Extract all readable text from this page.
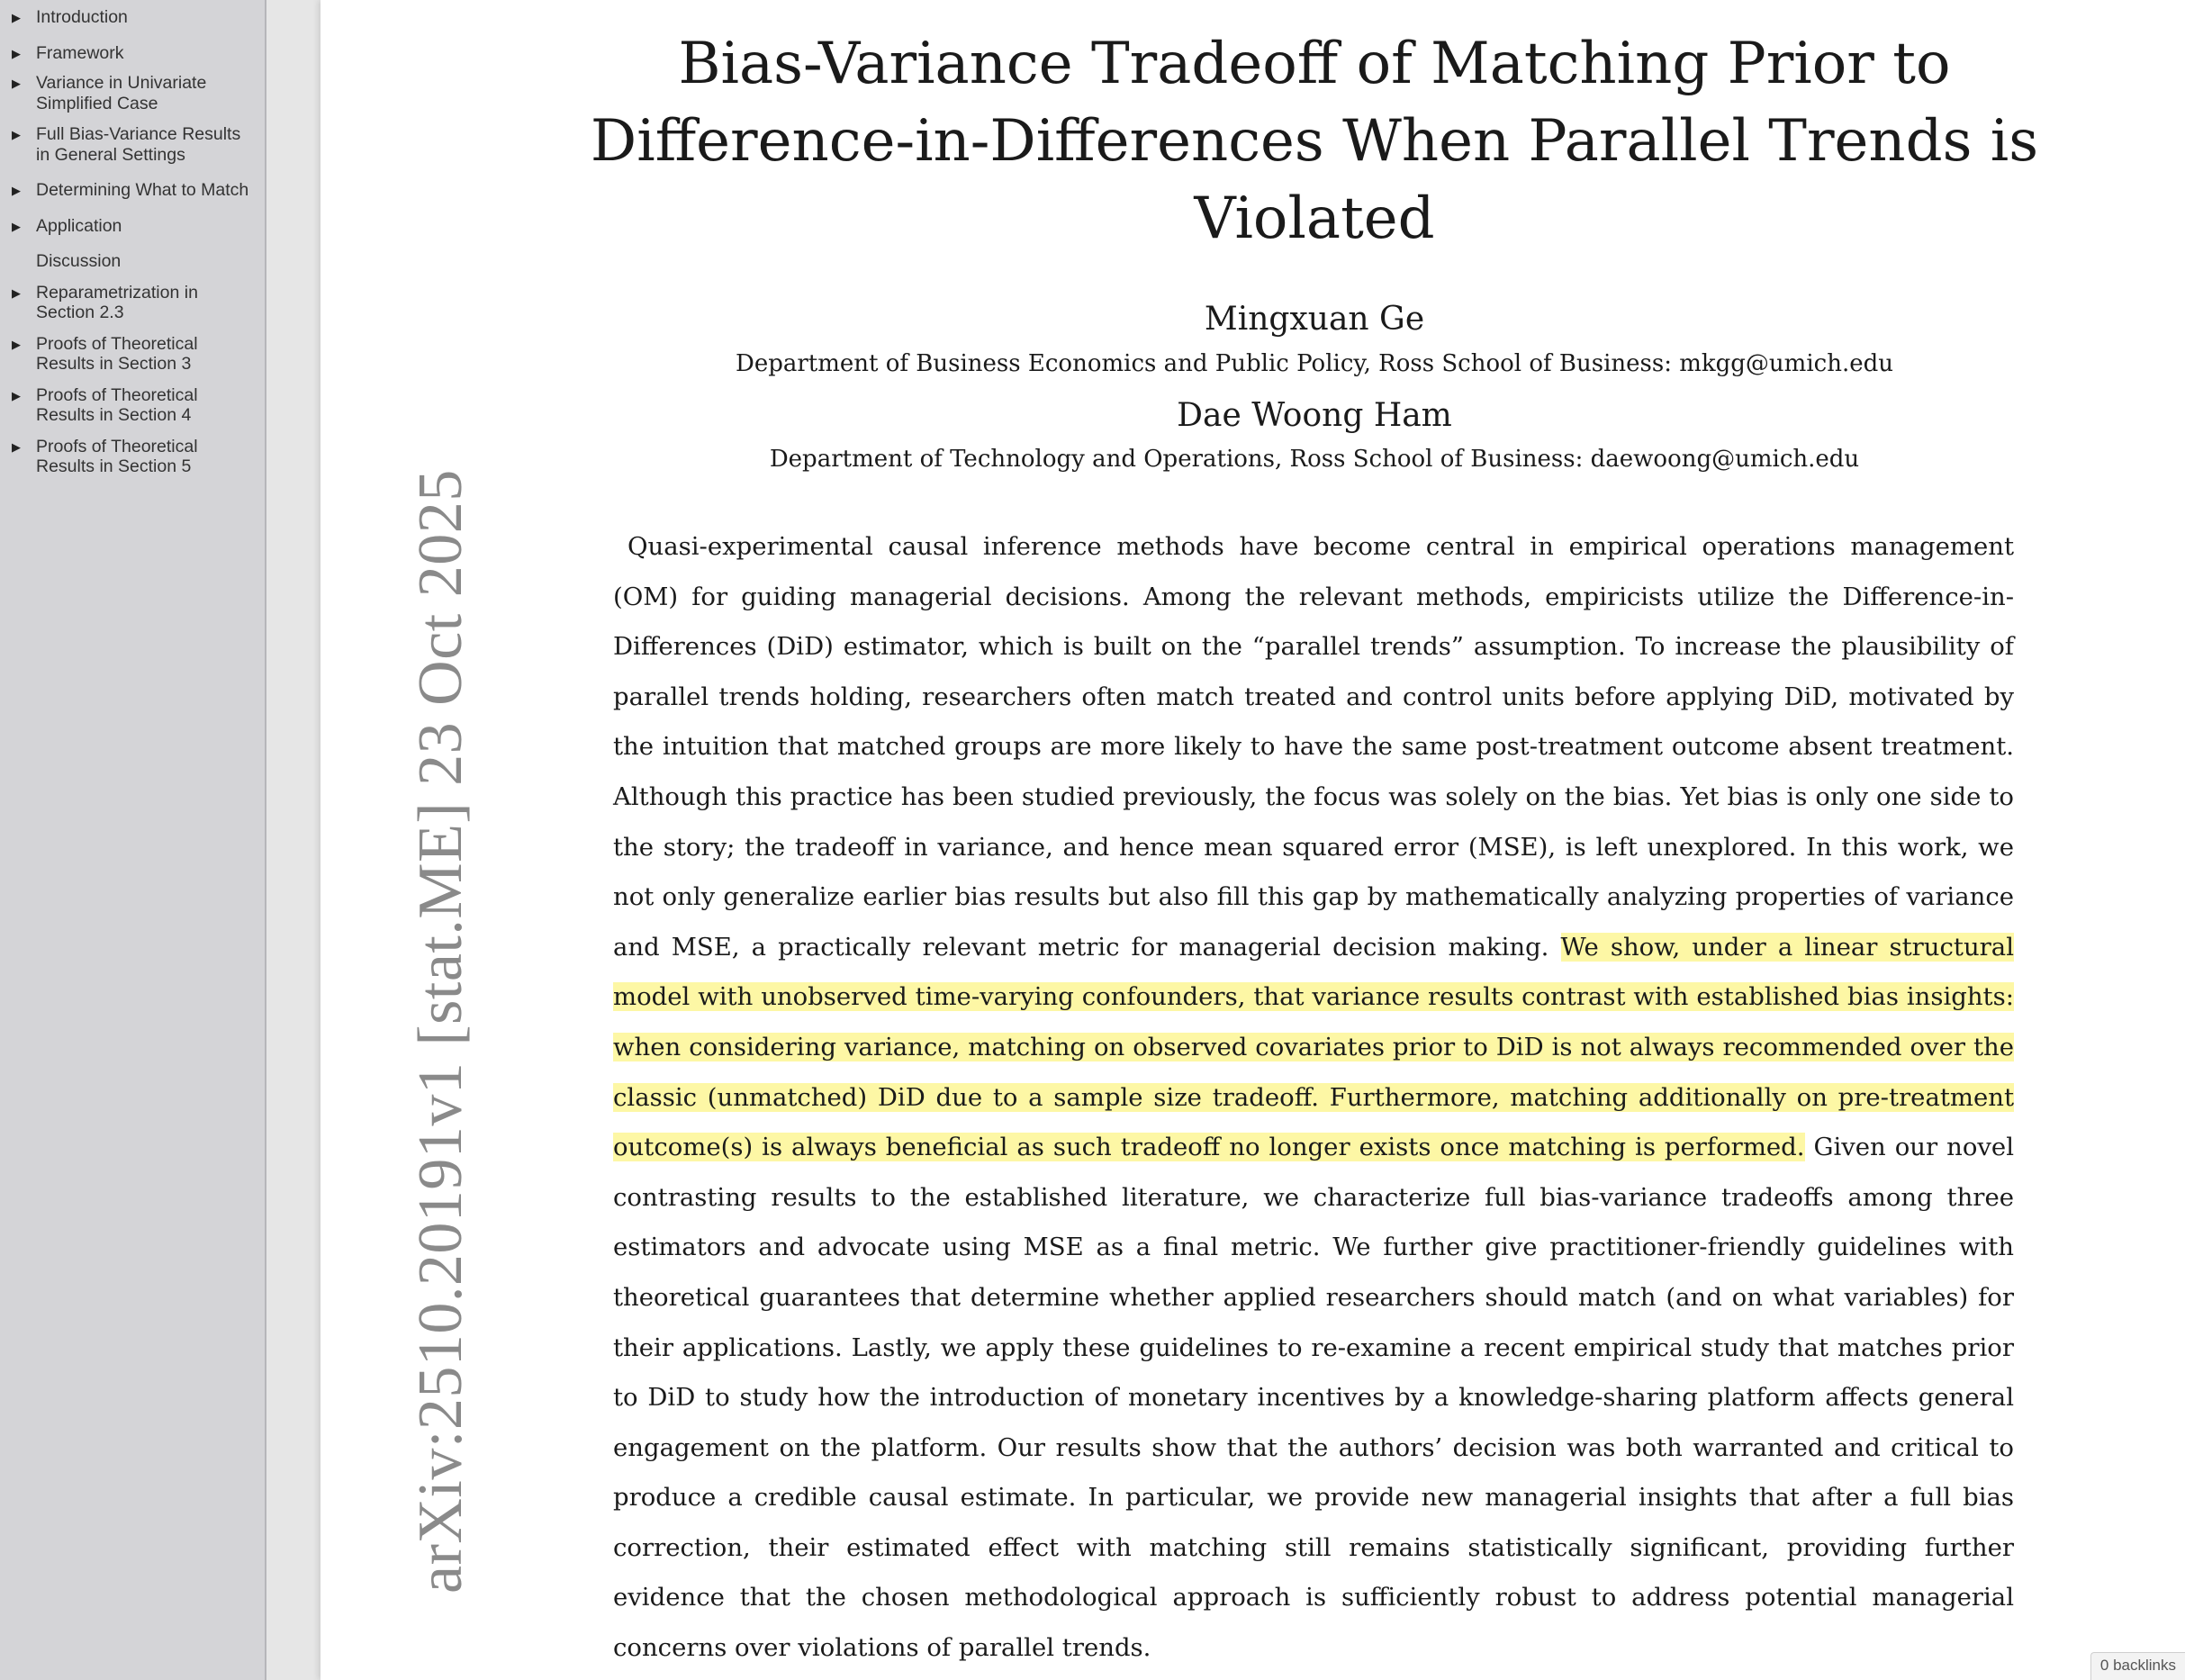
▶ Introduction
▶ Framework
▶ Variance in Univariate Simplified Case
▶ Full Bias-Variance Results in General Settings
▶ Determining What to Match
▶ Application
Discussion
▶ Reparametrization in Section 2.3
▶ Proofs of Theoretical Results in Section 3
▶ Proofs of Theoretical Results in Section 4
▶ Proofs of Theoretical Results in Section 5
arXiv:2510.20191v1 [stat.ME] 23 Oct 2025
Bias-Variance Tradeoff of Matching Prior to Difference-in-Differences When Parallel Trends is Violated
Mingxuan Ge
Department of Business Economics and Public Policy, Ross School of Business: mkgg@umich.edu
Dae Woong Ham
Department of Technology and Operations, Ross School of Business: daewoong@umich.edu

Quasi-experimental causal inference methods have become central in empirical operations management (OM) for guiding managerial decisions. Among the relevant methods, empiricists utilize the Difference-in-Differences (DiD) estimator, which is built on the “parallel trends” assumption. To increase the plausibility of parallel trends holding, researchers often match treated and control units before applying DiD, motivated by the intuition that matched groups are more likely to have the same post-treatment outcome absent treatment. Although this practice has been studied previously, the focus was solely on the bias. Yet bias is only one side to the story; the tradeoff in variance, and hence mean squared error (MSE), is left unexplored. In this work, we not only generalize earlier bias results but also fill this gap by mathematically analyzing properties of variance and MSE, a practically relevant metric for managerial decision making. We show, under a linear structural model with unobserved time-varying confounders, that variance results contrast with established bias insights: when considering variance, matching on observed covariates prior to DiD is not always recommended over the classic (unmatched) DiD due to a sample size tradeoff. Furthermore, matching additionally on pre-treatment outcome(s) is always beneficial as such tradeoff no longer exists once matching is performed. Given our novel contrasting results to the established literature, we characterize full bias-variance tradeoffs among three estimators and advocate using MSE as a final metric. We further give practitioner-friendly guidelines with theoretical guarantees that determine whether applied researchers should match (and on what variables) for their applications. Lastly, we apply these guidelines to re-examine a recent empirical study that matches prior to DiD to study how the introduction of monetary incentives by a knowledge-sharing platform affects general engagement on the platform. Our results show that the authors’ decision was both warranted and critical to produce a credible causal estimate. In particular, we provide new managerial insights that after a full bias correction, their estimated effect with matching still remains statistically significant, providing further evidence that the chosen methodological approach is sufficiently robust to address potential managerial concerns over violations of parallel trends.

0 backlinks
